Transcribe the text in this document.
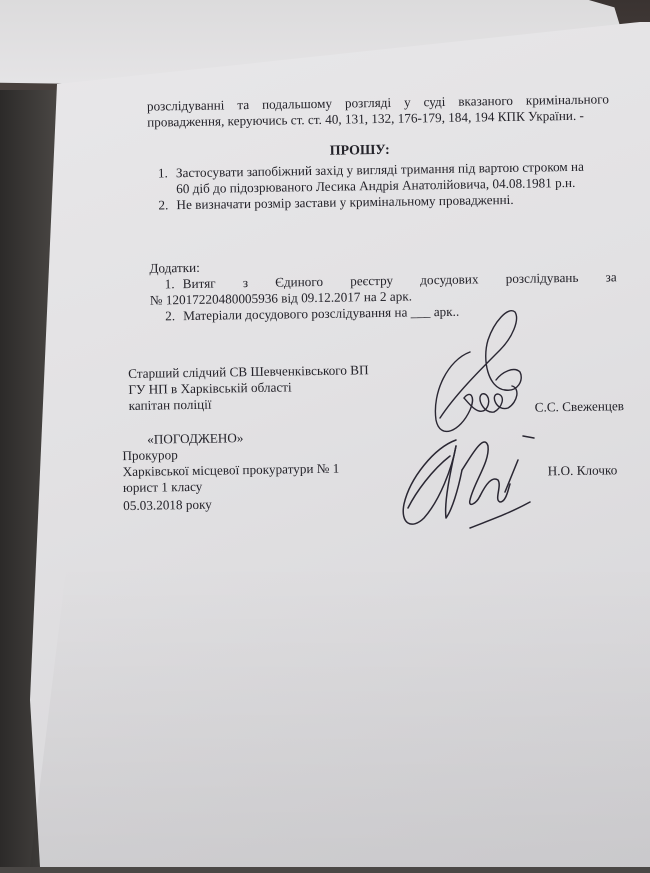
розслідуванні та подальшому розгляді у суді вказаного кримінального
провадження, керуючись ст. ст. 40, 131, 132, 176-179, 184, 194 КПК України. -
ПРОШУ:
1. Застосувати запобіжний захід у вигляді тримання під вартою строком на
60 діб до підозрюваного Лесика Андрія Анатолійовича, 04.08.1981 р.н.
2. Не визначати розмір застави у кримінальному провадженні.
Додатки:
1. Витяг з Єдиного реєстру досудових розслідувань за
№ 12017220480005936 від 09.12.2017 на 2 арк.
2. Матеріали досудового розслідування на ___ арк..
Старший слідчий СВ Шевченківського ВП
ГУ НП в Харківській області
капітан поліції	С.С. Свеженцев
«ПОГОДЖЕНО»
Прокурор
Харківської місцевої прокуратури № 1
юрист 1 класу
Н.О. Клочко
05.03.2018 року
